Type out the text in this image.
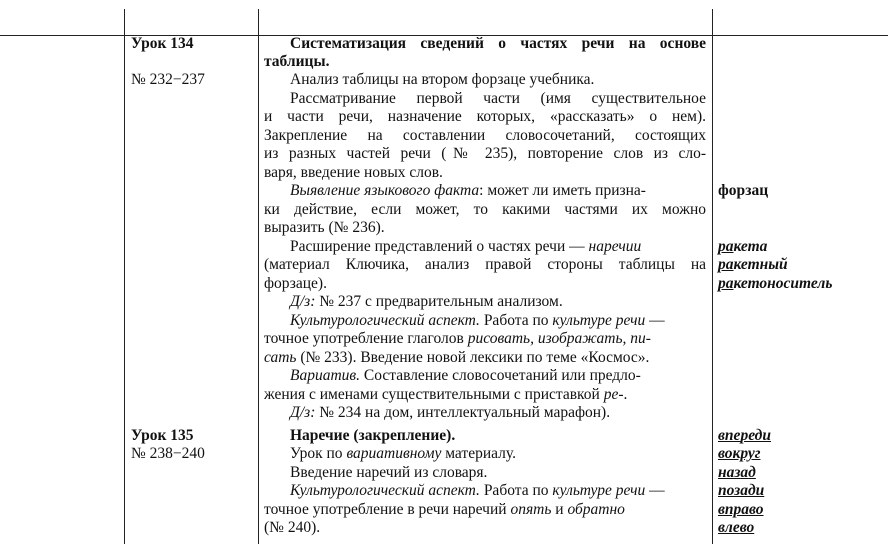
Урок 134
№ 232−237
Систематизация сведений о частях речи на основе
таблицы.
Анализ таблицы на втором форзаце учебника.
Рассматривание первой части (имя существительное
и части речи, назначение которых, «рассказать» о нем).
Закрепление на составлении словосочетаний, состоящих
из разных частей речи (№ 235), повторение слов из сло-
варя, введение новых слов.
Выявление языкового факта: может ли иметь призна-
ки действие, если может, то какими частями их можно
выразить (№ 236).
Расширение представлений о частях речи — наречии
(материал Ключика, анализ правой стороны таблицы на
форзаце).
Д/з: № 237 с предварительным анализом.
Культурологический аспект. Работа по культуре речи —
точное употребление глаголов рисовать, изображать, пи-
сать (№ 233). Введение новой лексики по теме «Космос».
Вариатив. Составление словосочетаний или предло-
жения с именами существительными с приставкой ре-.
Д/з: № 234 на дом, интеллектуальный марафон).
форзац
ракета
ракетный
ракетоноситель
Урок 135
№ 238−240
Наречие (закрепление).
Урок по вариативному материалу.
Введение наречий из словаря.
Культурологический аспект. Работа по культуре речи —
точное употребление в речи наречий опять и обратно
(№ 240).
впереди
вокруг
назад
позади
вправо
влево
